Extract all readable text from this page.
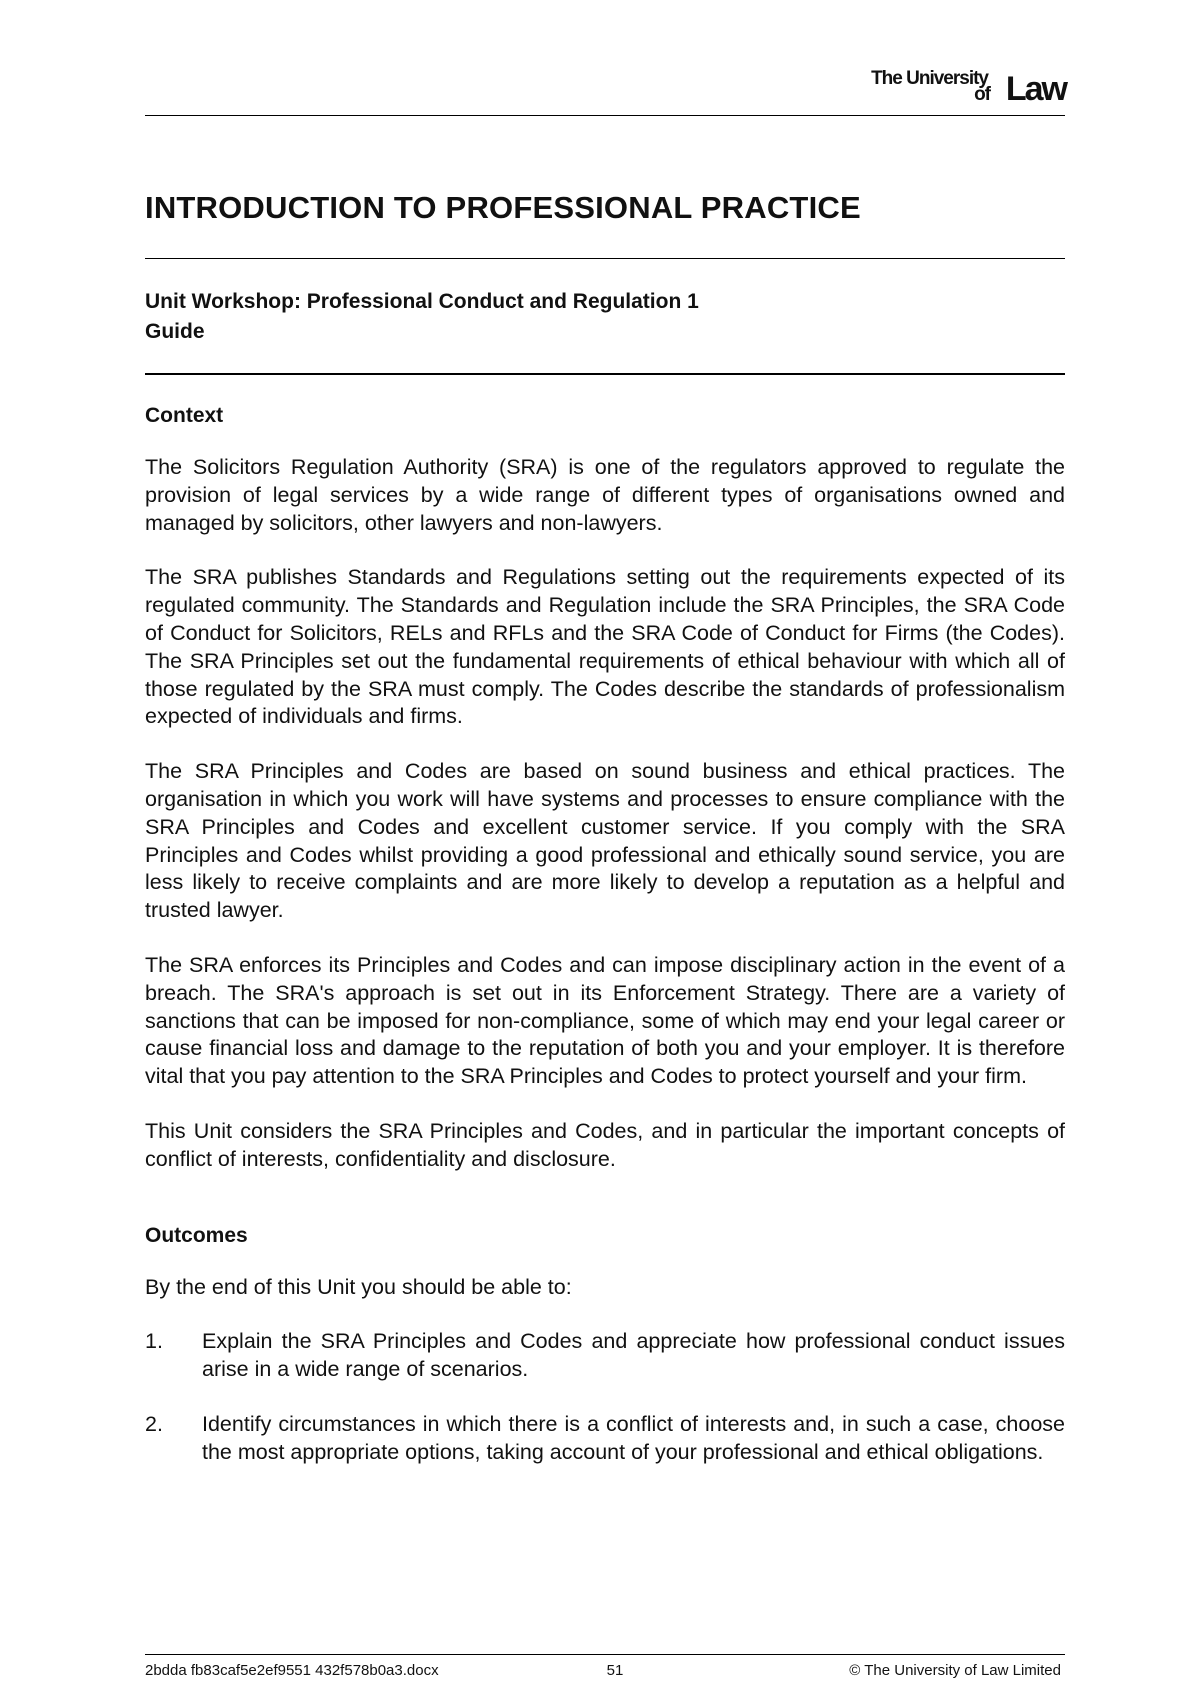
The University
of Law
INTRODUCTION TO PROFESSIONAL PRACTICE
Unit Workshop: Professional Conduct and Regulation 1
Guide
Context

The Solicitors Regulation Authority (SRA) is one of the regulators approved to regulate the provision of legal services by a wide range of different types of organisations owned and managed by solicitors, other lawyers and non-lawyers.

The SRA publishes Standards and Regulations setting out the requirements expected of its regulated community. The Standards and Regulation include the SRA Principles, the SRA Code of Conduct for Solicitors, RELs and RFLs and the SRA Code of Conduct for Firms (the Codes). The SRA Principles set out the fundamental requirements of ethical behaviour with which all of those regulated by the SRA must comply. The Codes describe the standards of professionalism expected of individuals and firms.

The SRA Principles and Codes are based on sound business and ethical practices. The organisation in which you work will have systems and processes to ensure compliance with the SRA Principles and Codes and excellent customer service. If you comply with the SRA Principles and Codes whilst providing a good professional and ethically sound service, you are less likely to receive complaints and are more likely to develop a reputation as a helpful and trusted lawyer.

The SRA enforces its Principles and Codes and can impose disciplinary action in the event of a breach. The SRA's approach is set out in its Enforcement Strategy. There are a variety of sanctions that can be imposed for non-compliance, some of which may end your legal career or cause financial loss and damage to the reputation of both you and your employer. It is therefore vital that you pay attention to the SRA Principles and Codes to protect yourself and your firm.

This Unit considers the SRA Principles and Codes, and in particular the important concepts of conflict of interests, confidentiality and disclosure.

Outcomes

By the end of this Unit you should be able to:

1. Explain the SRA Principles and Codes and appreciate how professional conduct issues arise in a wide range of scenarios.
2. Identify circumstances in which there is a conflict of interests and, in such a case, choose the most appropriate options, taking account of your professional and ethical obligations.
2bdda fb83caf5e2ef9551 432f578b0a3.docx	51	© The University of Law Limited
